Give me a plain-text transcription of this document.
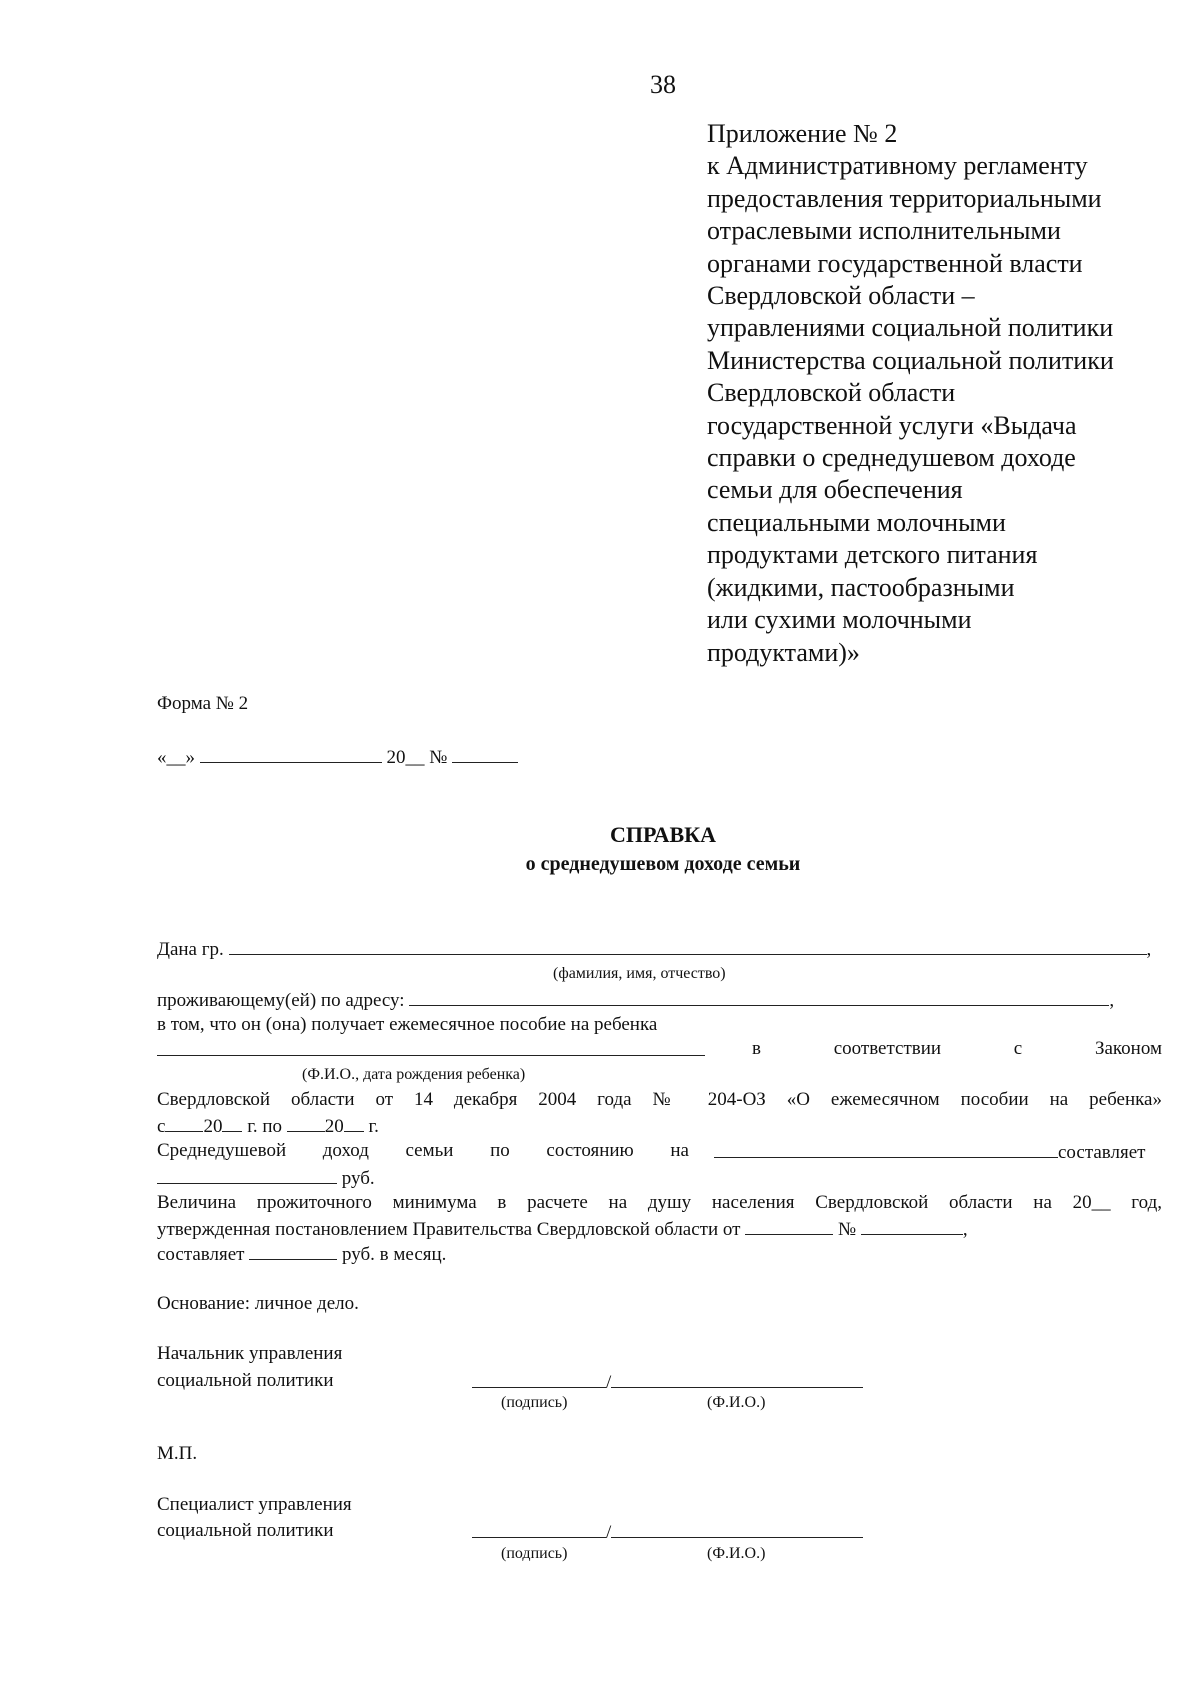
38
Приложение № 2
к Административному регламенту
предоставления территориальными
отраслевыми исполнительными
органами государственной власти
Свердловской области –
управлениями социальной политики
Министерства социальной политики
Свердловской области
государственной услуги «Выдача
справки о среднедушевом доходе
семьи для обеспечения
специальными молочными
продуктами детского питания
(жидкими, пастообразными
или сухими молочными
продуктами)»
Форма № 2
«__»	20__ №
СПРАВКА
о среднедушевом доходе семьи
Дана гр.	,
(фамилия, имя, отчество)
проживающему(ей) по адресу:	,
в том, что он (она) получает ежемесячное пособие на ребенка
в	соответствии	с	Законом
(Ф.И.О., дата рождения ребенка)
Свердловской области от 14 декабря 2004 года № 204-ОЗ «О ежемесячном пособии на ребенка»
с 20 г. по 20 г.
Среднедушевой доход семьи по состоянию на	составляет
руб.
Величина прожиточного минимума в расчете на душу населения Свердловской области на 20__ год,
утвержденная постановлением Правительства Свердловской области от	№	,
составляет	руб. в месяц.
Основание: личное дело.
Начальник управления
социальной политики	/
(подпись)	(Ф.И.О.)
М.П.
Специалист управления
социальной политики	/
(подпись)	(Ф.И.О.)
